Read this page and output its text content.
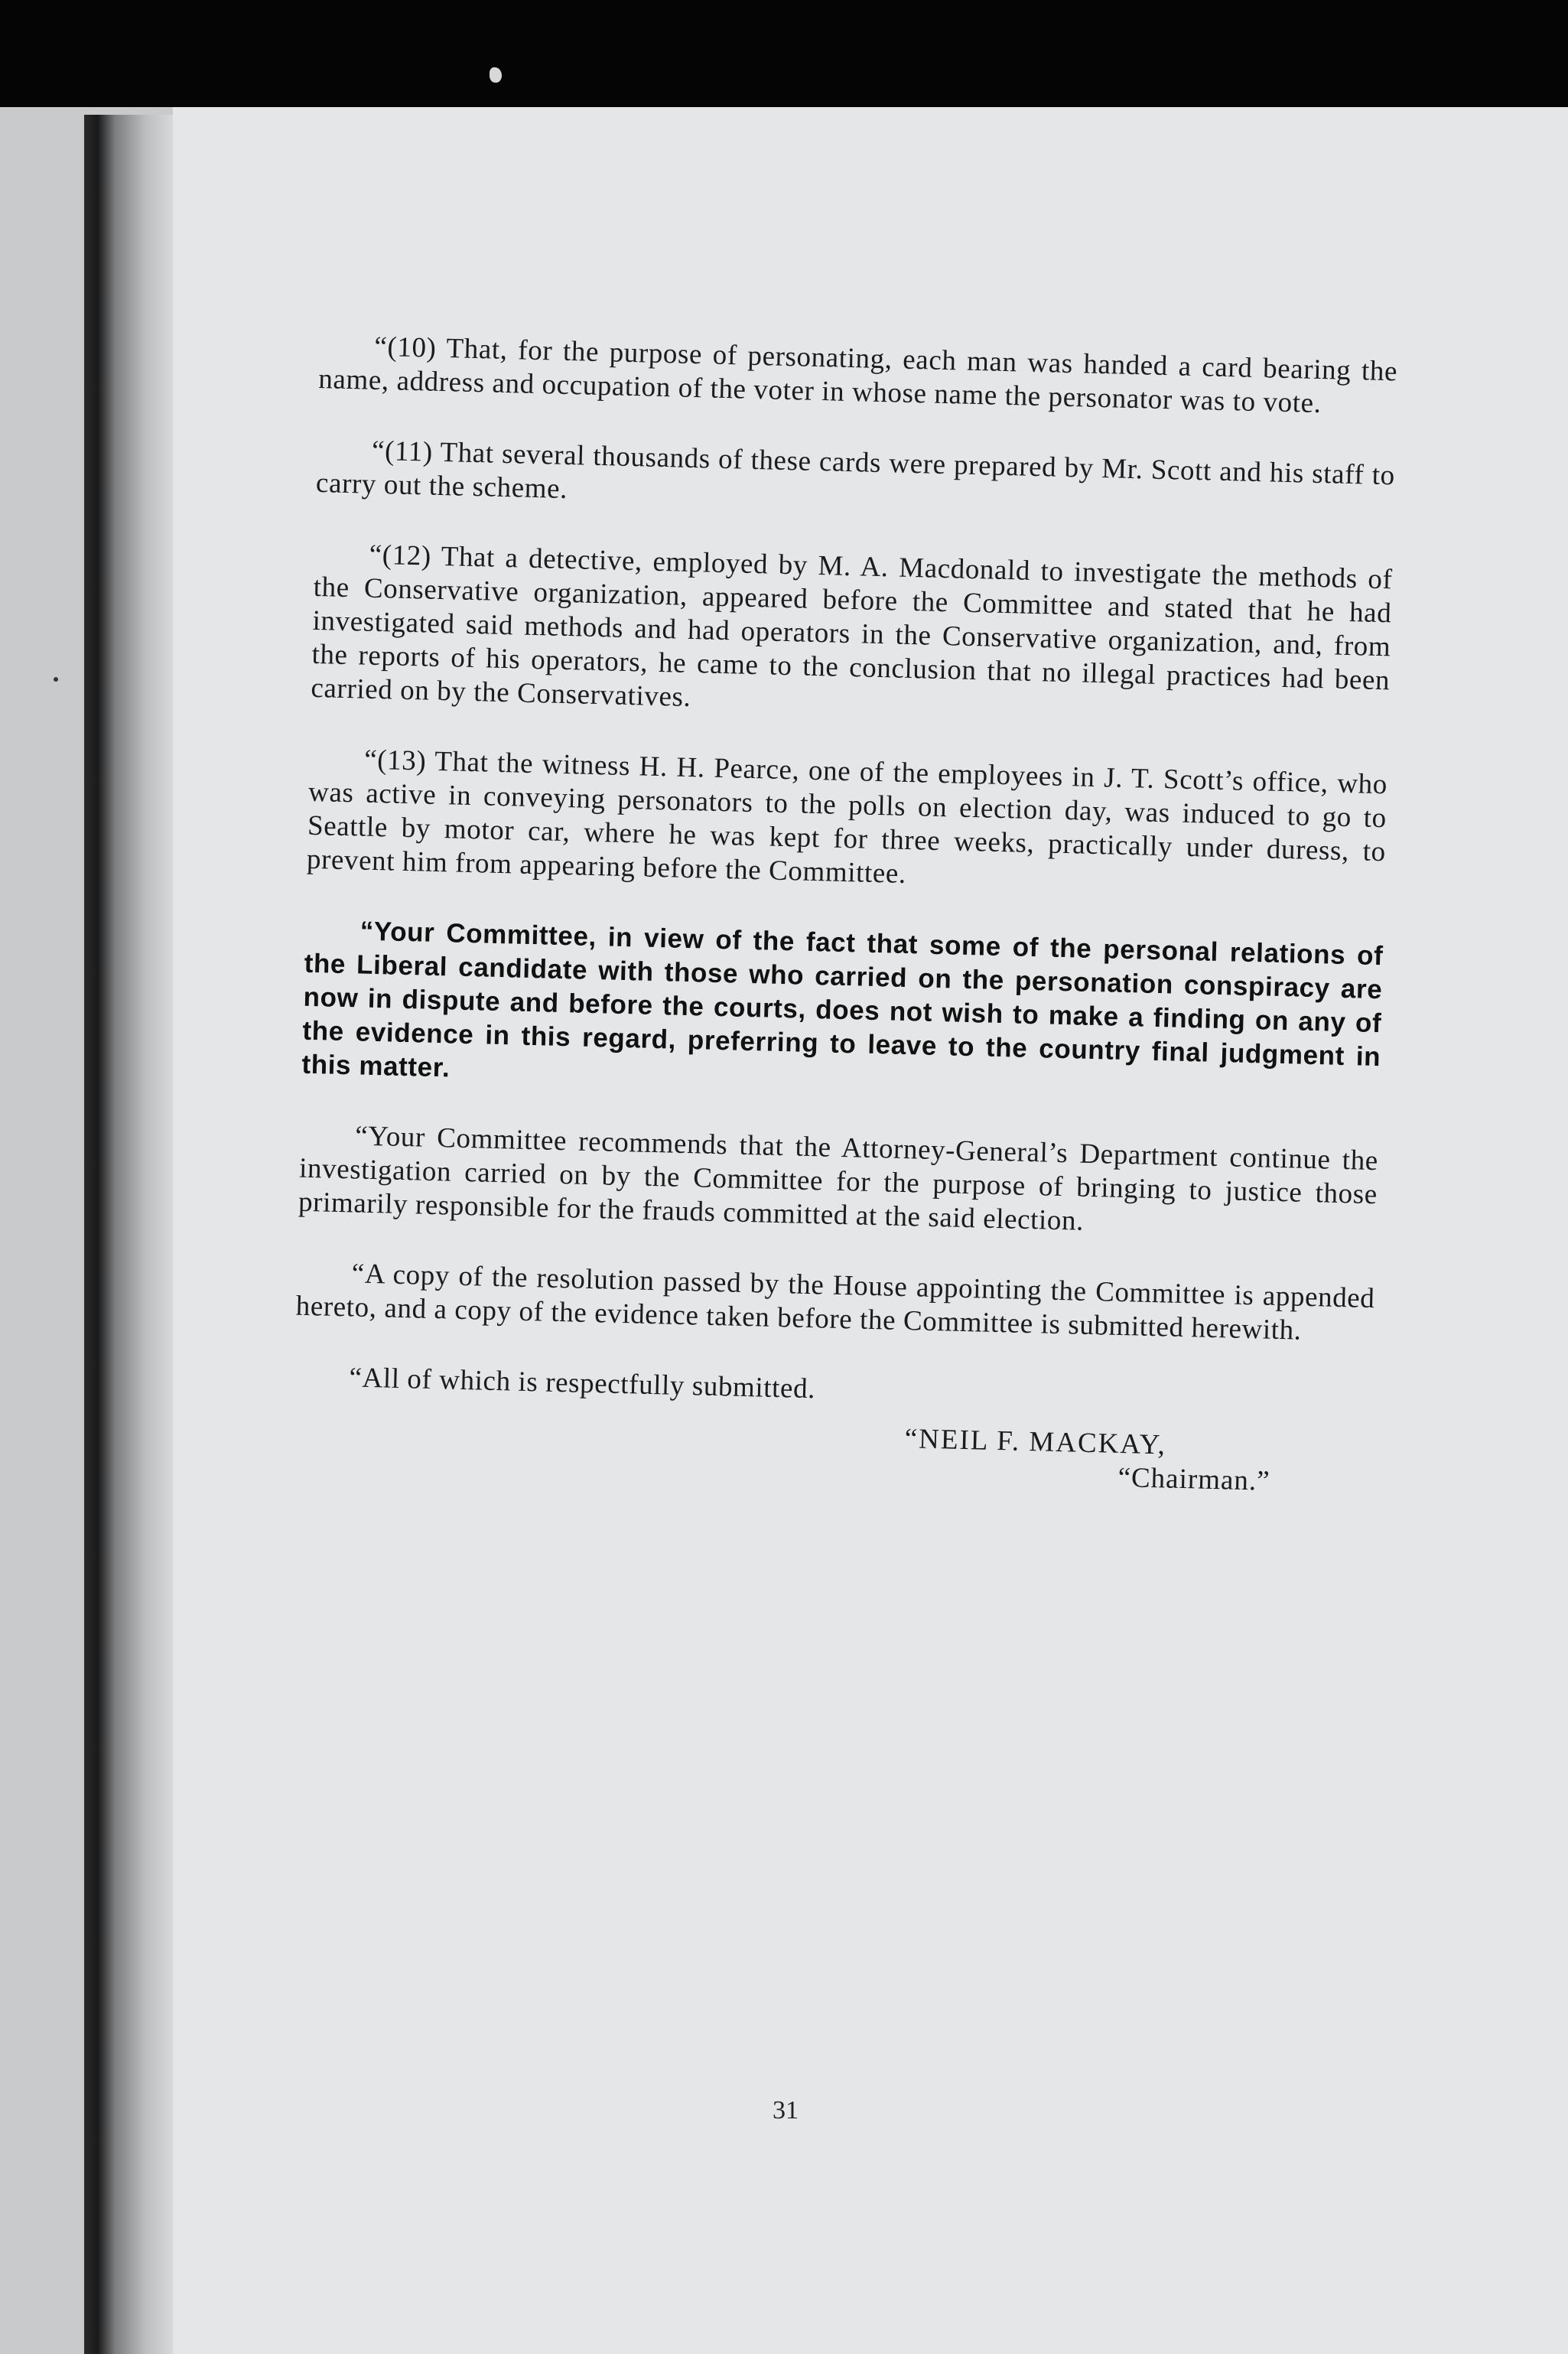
“(10) That, for the purpose of personating, each man was handed a card bearing the name, address and occupation of the voter in whose name the personator was to vote.

“(11) That several thousands of these cards were prepared by Mr. Scott and his staff to carry out the scheme.

“(12) That a detective, employed by M. A. Macdonald to investigate the methods of the Conservative organization, appeared before the Committee and stated that he had investigated said methods and had operators in the Conservative organization, and, from the reports of his operators, he came to the conclusion that no illegal practices had been carried on by the Conservatives.

“(13) That the witness H. H. Pearce, one of the employees in J. T. Scott’s office, who was active in conveying personators to the polls on election day, was induced to go to Seattle by motor car, where he was kept for three weeks, practically under duress, to prevent him from appearing before the Committee.

“Your Committee, in view of the fact that some of the personal relations of the Liberal candidate with those who carried on the personation conspiracy are now in dispute and before the courts, does not wish to make a finding on any of the evidence in this regard, preferring to leave to the country final judgment in this matter.

“Your Committee recommends that the Attorney-General’s Department continue the investigation carried on by the Committee for the purpose of bringing to justice those primarily responsible for the frauds committed at the said election.

“A copy of the resolution passed by the House appointing the Committee is appended hereto, and a copy of the evidence taken before the Committee is submitted herewith.

“All of which is respectfully submitted.

“NEIL F. MACKAY,

“Chairman.”

31
